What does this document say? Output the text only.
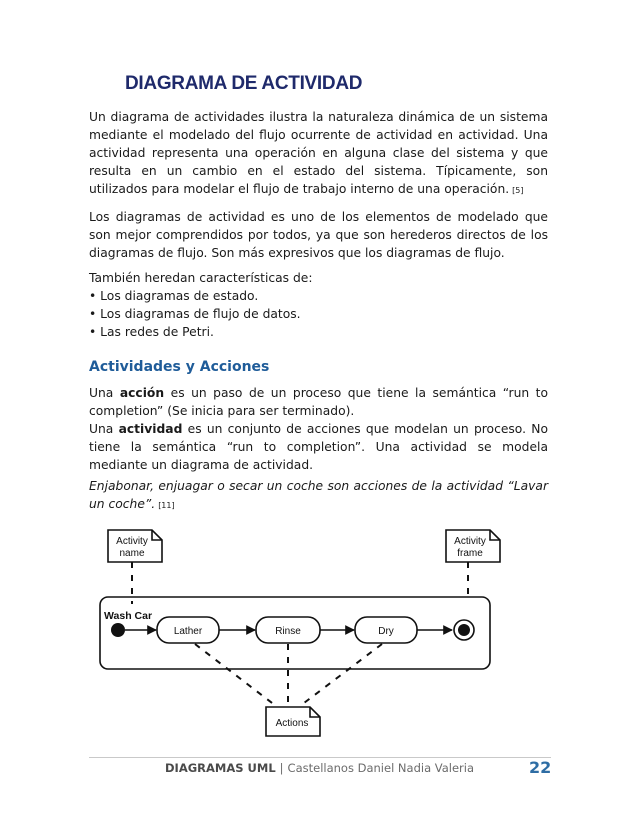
DIAGRAMA DE ACTIVIDAD

Un diagrama de actividades ilustra la naturaleza dinámica de un sistema mediante el modelado del flujo ocurrente de actividad en actividad. Una actividad representa una operación en alguna clase del sistema y que resulta en un cambio en el estado del sistema. Típicamente, son utilizados para modelar el flujo de trabajo interno de una operación. [5]

Los diagramas de actividad es uno de los elementos de modelado que son mejor comprendidos por todos, ya que son herederos directos de los diagramas de flujo. Son más expresivos que los diagramas de flujo.

También heredan características de:
• Los diagramas de estado.
• Los diagramas de flujo de datos.
• Las redes de Petri.
Actividades y Acciones

Una acción es un paso de un proceso que tiene la semántica “run to completion” (Se inicia para ser terminado).

Una actividad es un conjunto de acciones que modelan un proceso. No tiene la semántica “run to completion”. Una actividad se modela mediante un diagrama de actividad.

Enjabonar, enjuagar o secar un coche son acciones de la actividad “Lavar un coche”. [11]

Activity
name
Activity
frame
Wash Car
Lather	Rinse	Dry
Actions
DIAGRAMAS UML | Castellanos Daniel Nadia Valeria	22
